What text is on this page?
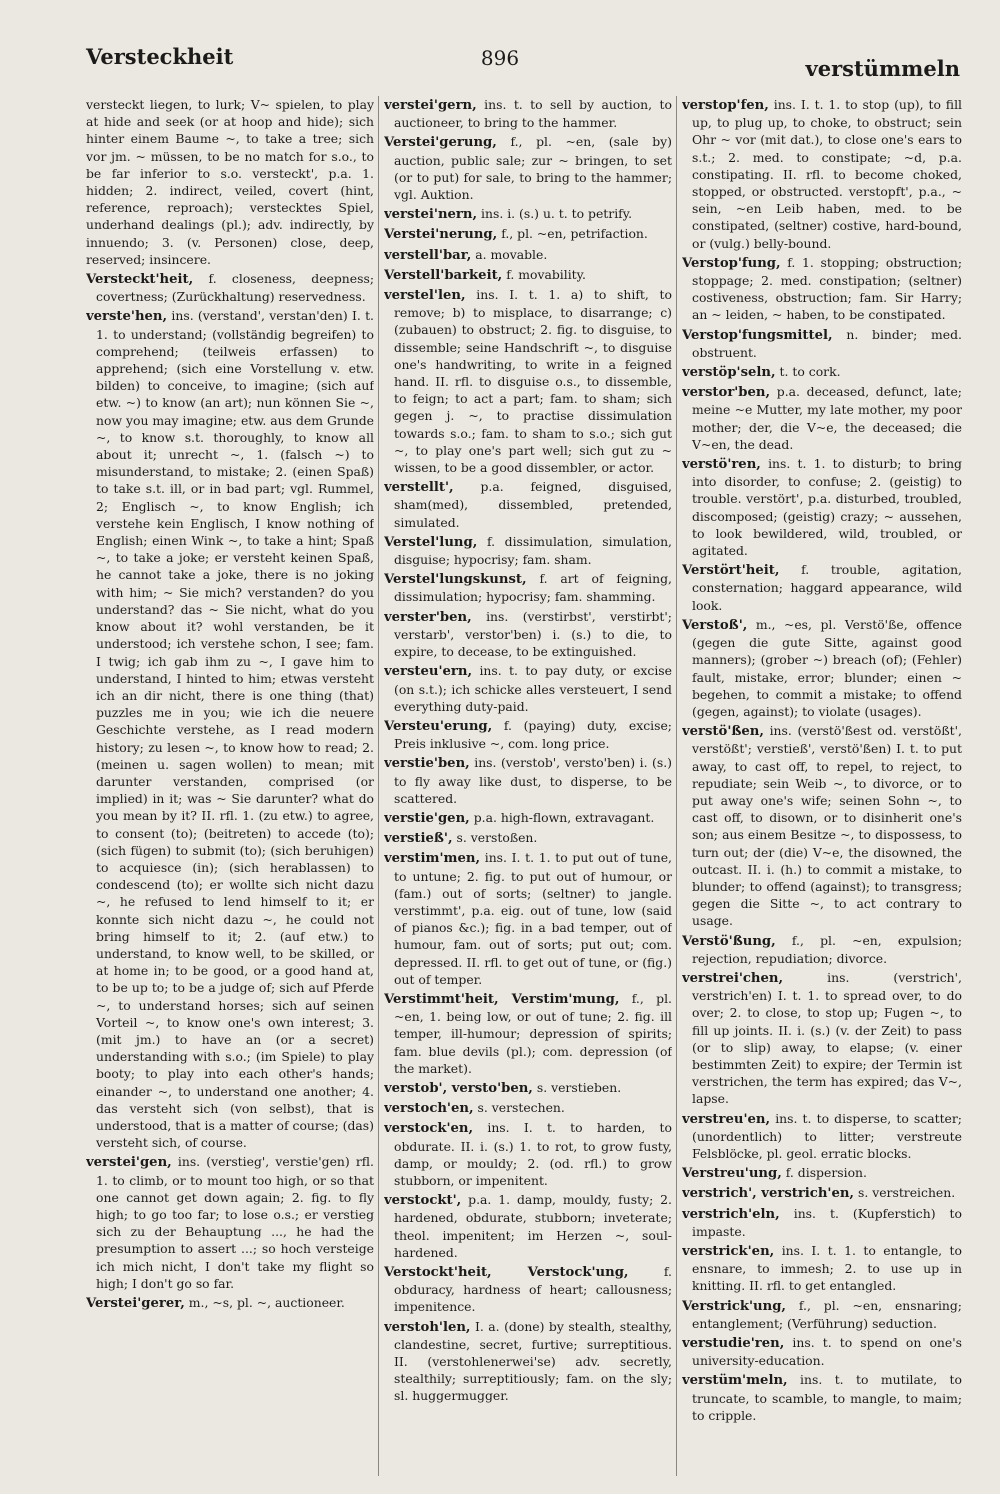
Versteckheit	896	verstümmeln

versteckt liegen, to lurk; V~ spielen, to play at hide and seek (or at hoop and hide); sich hinter einem Baume ~, to take a tree; sich vor jm. ~ müssen, to be no match for s.o., to be far inferior to s.o. versteckt', p.a. 1. hidden; 2. indirect, veiled, covert (hint, reference, reproach); verstecktes Spiel, underhand dealings (pl.); adv. indirectly, by innuendo; 3. (v. Personen) close, deep, reserved; insincere.

Versteckt'heit, f. closeness, deepness; covertness; (Zurückhaltung) reservedness.

verste'hen, ins. (verstand', verstan'den) I. t. 1. to understand; (vollständig begreifen) to comprehend; (teilweis erfassen) to apprehend; (sich eine Vorstellung v. etw. bilden) to conceive, to imagine; (sich auf etw. ~) to know (an art); nun können Sie ~, now you may imagine; etw. aus dem Grunde ~, to know s.t. thoroughly, to know all about it; unrecht ~, 1. (falsch ~) to misunderstand, to mistake; 2. (einen Spaß) to take s.t. ill, or in bad part; vgl. Rummel, 2; Englisch ~, to know English; ich verstehe kein Englisch, I know nothing of English; einen Wink ~, to take a hint; Spaß ~, to take a joke; er versteht keinen Spaß, he cannot take a joke, there is no joking with him; ~ Sie mich? verstanden? do you understand? das ~ Sie nicht, what do you know about it? wohl verstanden, be it understood; ich verstehe schon, I see; fam. I twig; ich gab ihm zu ~, I gave him to understand, I hinted to him; etwas versteht ich an dir nicht, there is one thing (that) puzzles me in you; wie ich die neuere Geschichte verstehe, as I read modern history; zu lesen ~, to know how to read; 2. (meinen u. sagen wollen) to mean; mit darunter verstanden, comprised (or implied) in it; was ~ Sie darunter? what do you mean by it? II. rfl. 1. (zu etw.) to agree, to consent (to); (beitreten) to accede (to); (sich fügen) to submit (to); (sich beruhigen) to acquiesce (in); (sich herablassen) to condescend (to); er wollte sich nicht dazu ~, he refused to lend himself to it; er konnte sich nicht dazu ~, he could not bring himself to it; 2. (auf etw.) to understand, to know well, to be skilled, or at home in; to be good, or a good hand at, to be up to; to be a judge of; sich auf Pferde ~, to understand horses; sich auf seinen Vorteil ~, to know one's own interest; 3. (mit jm.) to have an (or a secret) understanding with s.o.; (im Spiele) to play booty; to play into each other's hands; einander ~, to understand one another; 4. das versteht sich (von selbst), that is understood, that is a matter of course; (das) versteht sich, of course.

verstei'gen, ins. (verstieg', verstie'gen) rfl. 1. to climb, or to mount too high, or so that one cannot get down again; 2. fig. to fly high; to go too far; to lose o.s.; er verstieg sich zu der Behauptung ..., he had the presumption to assert ...; so hoch versteige ich mich nicht, I don't take my flight so high; I don't go so far.

Verstei'gerer, m., ~s, pl. ~, auctioneer.

verstei'gern, ins. t. to sell by auction, to auctioneer, to bring to the hammer.

Verstei'gerung, f., pl. ~en, (sale by) auction, public sale; zur ~ bringen, to set (or to put) for sale, to bring to the hammer; vgl. Auktion.

verstei'nern, ins. i. (s.) u. t. to petrify.

Verstei'nerung, f., pl. ~en, petrifaction.

verstell'bar, a. movable.

Verstell'barkeit, f. movability.

verstel'len, ins. I. t. 1. a) to shift, to remove; b) to misplace, to disarrange; c) (zubauen) to obstruct; 2. fig. to disguise, to dissemble; seine Handschrift ~, to disguise one's handwriting, to write in a feigned hand. II. rfl. to disguise o.s., to dissemble, to feign; to act a part; fam. to sham; sich gegen j. ~, to practise dissimulation towards s.o.; fam. to sham to s.o.; sich gut ~, to play one's part well; sich gut zu ~ wissen, to be a good dissembler, or actor.

verstellt', p.a. feigned, disguised, sham(med), dissembled, pretended, simulated.

Verstel'lung, f. dissimulation, simulation, disguise; hypocrisy; fam. sham.

Verstel'lungskunst, f. art of feigning, dissimulation; hypocrisy; fam. shamming.

verster'ben, ins. (verstirbst', verstirbt'; verstarb', verstor'ben) i. (s.) to die, to expire, to decease, to be extinguished.

versteu'ern, ins. t. to pay duty, or excise (on s.t.); ich schicke alles versteuert, I send everything duty-paid.

Versteu'erung, f. (paying) duty, excise; Preis inklusive ~, com. long price.

verstie'ben, ins. (verstob', versto'ben) i. (s.) to fly away like dust, to disperse, to be scattered.

verstie'gen, p.a. high-flown, extravagant.

verstieß', s. verstoßen.

verstim'men, ins. I. t. 1. to put out of tune, to untune; 2. fig. to put out of humour, or (fam.) out of sorts; (seltner) to jangle. verstimmt', p.a. eig. out of tune, low (said of pianos &c.); fig. in a bad temper, out of humour, fam. out of sorts; put out; com. depressed. II. rfl. to get out of tune, or (fig.) out of temper.

Verstimmt'heit, Verstim'mung, f., pl. ~en, 1. being low, or out of tune; 2. fig. ill temper, ill-humour; depression of spirits; fam. blue devils (pl.); com. depression (of the market).

verstob', versto'ben, s. verstieben.

verstoch'en, s. verstechen.

verstock'en, ins. I. t. to harden, to obdurate. II. i. (s.) 1. to rot, to grow fusty, damp, or mouldy; 2. (od. rfl.) to grow stubborn, or impenitent.

verstockt', p.a. 1. damp, mouldy, fusty; 2. hardened, obdurate, stubborn; inveterate; theol. impenitent; im Herzen ~, soul-hardened.

Verstockt'heit, Verstock'ung,	f. obduracy, hardness of heart; callousness; impenitence.

verstoh'len, I. a. (done) by stealth, stealthy, clandestine, secret, furtive; surreptitious. II. (verstohlenerwei'se) adv. secretly, stealthily; surreptitiously; fam. on the sly; sl. huggermugger.

verstop'fen, ins. I. t. 1. to stop (up), to fill up, to plug up, to choke, to obstruct; sein Ohr ~ vor (mit dat.), to close one's ears to s.t.; 2. med. to constipate; ~d, p.a. constipating. II. rfl. to become choked, stopped, or obstructed. verstopft', p.a., ~ sein, ~en Leib haben, med. to be constipated, (seltner) costive, hard-bound, or (vulg.) belly-bound.

Verstop'fung, f. 1. stopping; obstruction; stoppage; 2. med. constipation; (seltner) costiveness, obstruction; fam. Sir Harry; an ~ leiden, ~ haben, to be constipated.

Verstop'fungsmittel, n. binder; med. obstruent.

verstöp'seln, t. to cork.

verstor'ben, p.a. deceased, defunct, late; meine ~e Mutter, my late mother, my poor mother; der, die V~e, the deceased; die V~en, the dead.

verstö'ren, ins. t. 1. to disturb; to bring into disorder, to confuse; 2. (geistig) to trouble. verstört', p.a. disturbed, troubled, discomposed; (geistig) crazy; ~ aussehen, to look bewildered, wild, troubled, or agitated.

Verstört'heit, f. trouble, agitation, consternation; haggard appearance, wild look.

Verstoß', m., ~es, pl. Verstö'ße, offence (gegen die gute Sitte, against good manners); (grober ~) breach (of); (Fehler) fault, mistake, error; blunder; einen ~ begehen, to commit a mistake; to offend (gegen, against); to violate (usages).

verstö'ßen, ins. (verstö'ßest od. verstößt', verstößt'; verstieß', verstö'ßen) I. t. to put away, to cast off, to repel, to reject, to repudiate; sein Weib ~, to divorce, or to put away one's wife; seinen Sohn ~, to cast off, to disown, or to disinherit one's son; aus einem Besitze ~, to dispossess, to turn out; der (die) V~e, the disowned, the outcast. II. i. (h.) to commit a mistake, to blunder; to offend (against); to transgress; gegen die Sitte ~, to act contrary to usage.

Verstö'ßung, f., pl. ~en, expulsion; rejection, repudiation; divorce.

verstrei'chen,	ins. (verstrich', verstrich'en) I. t. 1. to spread over, to do over; 2. to close, to stop up; Fugen ~, to fill up joints. II. i. (s.) (v. der Zeit) to pass (or to slip) away, to elapse; (v. einer bestimmten Zeit) to expire; der Termin ist verstrichen, the term has expired; das V~, lapse.

verstreu'en, ins. t. to disperse, to scatter; (unordentlich) to litter; verstreute Felsblöcke, pl. geol. erratic blocks.

Verstreu'ung, f. dispersion.

verstrich', verstrich'en, s. verstreichen.

verstrich'eln, ins. t. (Kupferstich) to impaste.

verstrick'en, ins. I. t. 1. to entangle, to ensnare, to immesh; 2. to use up in knitting. II. rfl. to get entangled.

Verstrick'ung, f., pl. ~en, ensnaring; entanglement; (Verführung) seduction.

verstudie'ren, ins. t. to spend on one's university-education.

verstüm'meln, ins. t. to mutilate, to truncate, to scamble, to mangle, to maim; to cripple.
